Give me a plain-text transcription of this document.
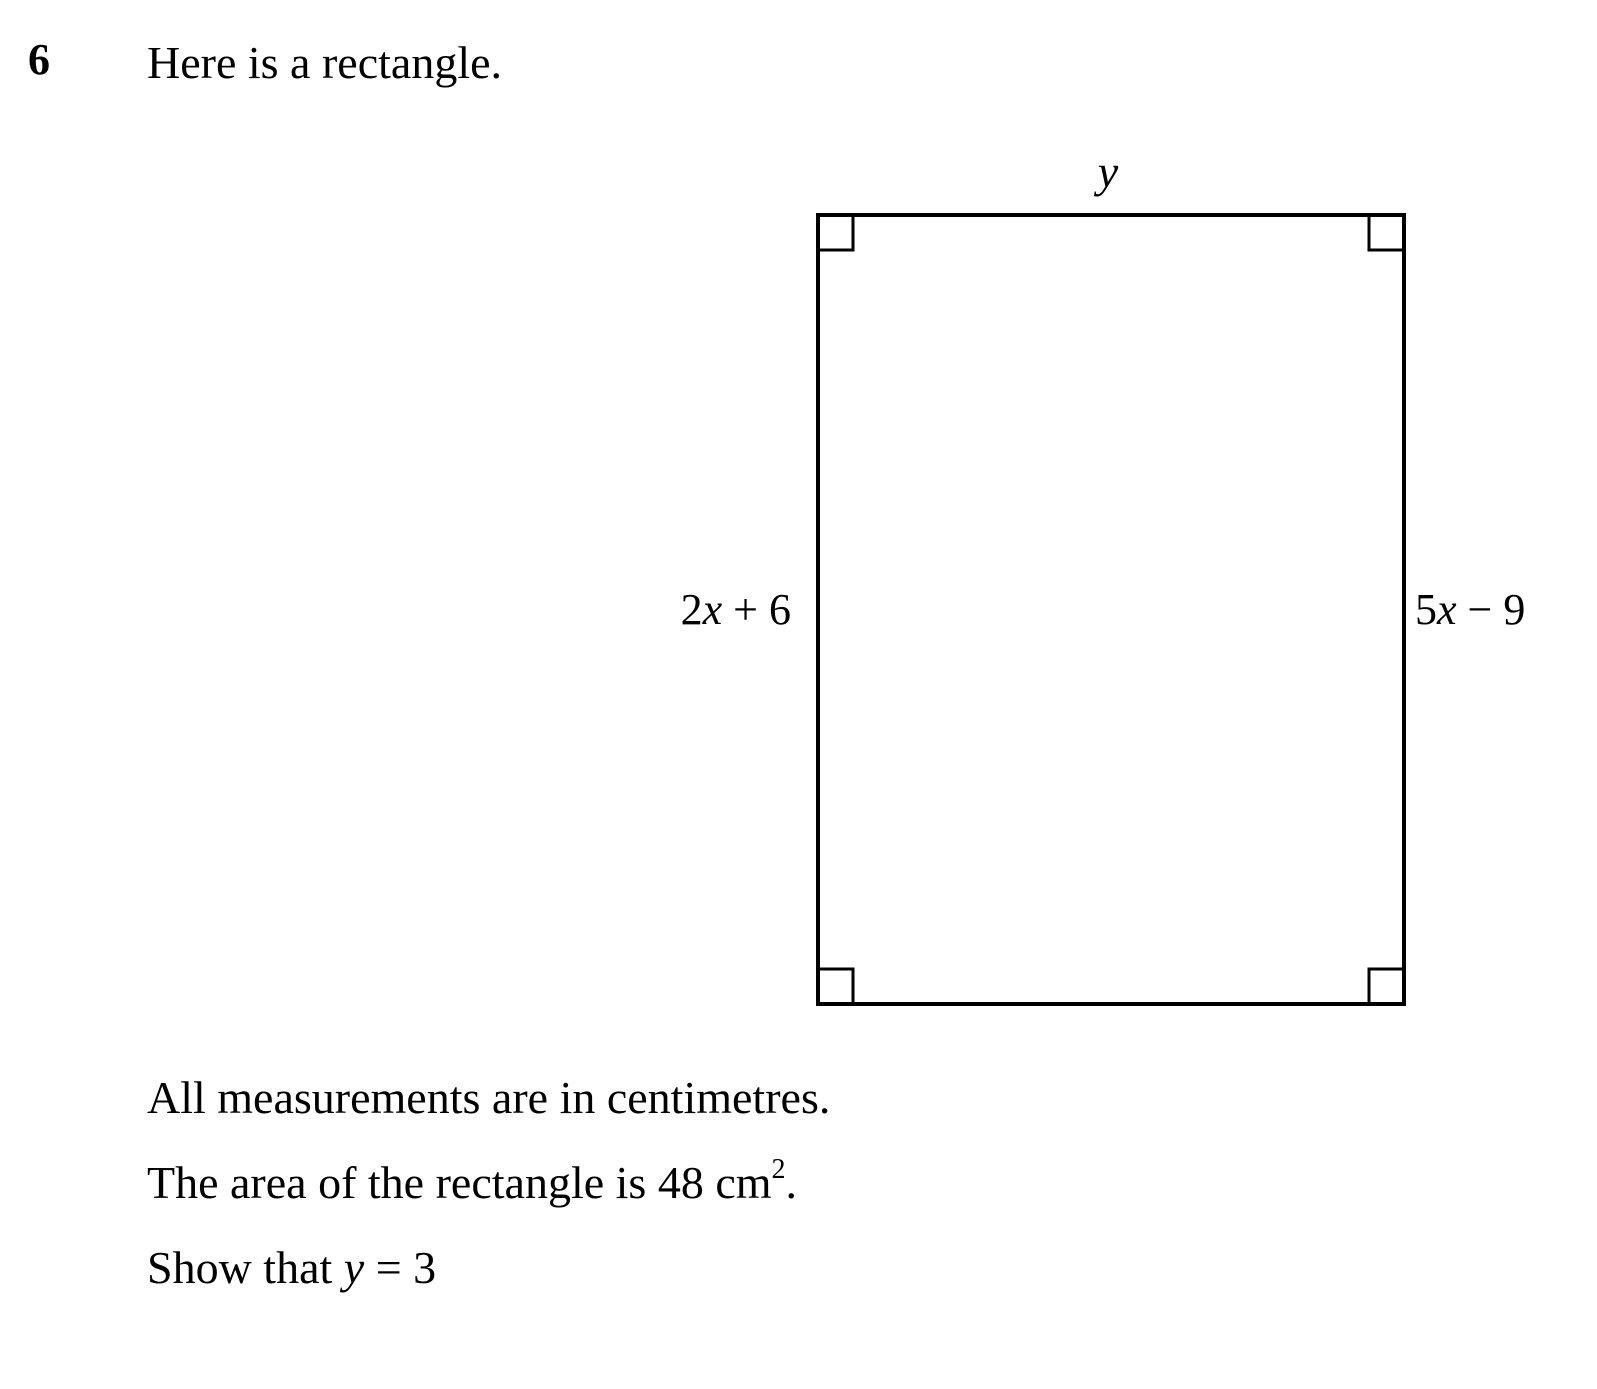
6 Here is a rectangle.
y
2x + 6	5x − 9
All measurements are in centimetres.
The area of the rectangle is 48 $cm^2$.
Show that y = 3
